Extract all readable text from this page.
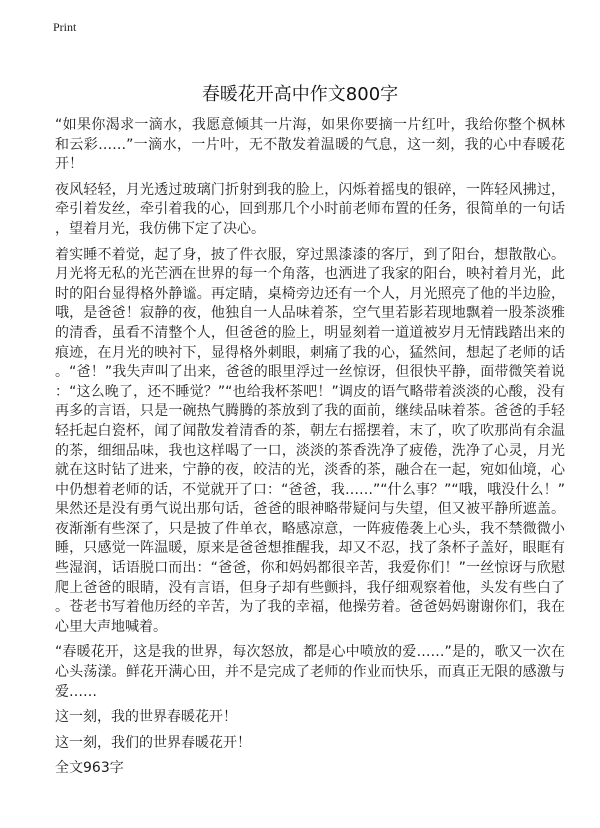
Print
春暖花开高中作文800字
“如果你渴求一滴水，我愿意倾其一片海，如果你要摘一片红叶，我给你整个枫林
和云彩……”一滴水，一片叶，无不散发着温暖的气息，这一刻，我的心中春暖花
开！
夜风轻轻，月光透过玻璃门折射到我的脸上，闪烁着摇曳的银碎，一阵轻风拂过，
牵引着发丝，牵引着我的心，回到那几个小时前老师布置的任务，很简单的一句话
，望着月光，我仿佛下定了决心。
着实睡不着觉，起了身，披了件衣服，穿过黑漆漆的客厅，到了阳台，想散散心。
月光将无私的光芒洒在世界的每一个角落，也洒进了我家的阳台，映衬着月光，此
时的阳台显得格外静谧。再定睛，桌椅旁边还有一个人，月光照亮了他的半边脸，
哦，是爸爸！寂静的夜，他独自一人品味着茶，空气里若影若现地飘着一股茶淡雅
的清香，虽看不清整个人，但爸爸的脸上，明显刻着一道道被岁月无情践踏出来的
痕迹，在月光的映衬下，显得格外刺眼，刺痛了我的心，猛然间，想起了老师的话
。“爸！”我失声叫了出来，爸爸的眼里浮过一丝惊讶，但很快平静，面带微笑着说
：“这么晚了，还不睡觉？”“也给我杯茶吧！”调皮的语气略带着淡淡的心酸，没有
再多的言语，只是一碗热气腾腾的茶放到了我的面前，继续品味着茶。爸爸的手轻
轻托起白瓷杯，闻了闻散发着清香的茶，朝左右摇摆着，末了，吹了吹那尚有余温
的茶，细细品味，我也这样喝了一口，淡淡的茶香洗净了疲倦，洗净了心灵，月光
就在这时钻了进来，宁静的夜，皎洁的光，淡香的茶，融合在一起，宛如仙境，心
中仍想着老师的话，不觉就开了口：“爸爸，我……”“什么事？”“哦，哦没什么！”
果然还是没有勇气说出那句话，爸爸的眼神略带疑问与失望，但又被平静所遮盖。
夜渐渐有些深了，只是披了件单衣，略感凉意，一阵疲倦袭上心头，我不禁微微小
睡，只感觉一阵温暖，原来是爸爸想推醒我，却又不忍，找了条杯子盖好，眼眶有
些湿润，话语脱口而出：“爸爸，你和妈妈都很辛苦，我爱你们！”一丝惊讶与欣慰
爬上爸爸的眼睛，没有言语，但身子却有些颤抖，我仔细观察着他，头发有些白了
。苍老书写着他历经的辛苦，为了我的幸福，他操劳着。爸爸妈妈谢谢你们，我在
心里大声地喊着。
“春暖花开，这是我的世界，每次怒放，都是心中喷放的爱……”是的，歌又一次在
心头荡漾。鲜花开满心田，并不是完成了老师的作业而快乐，而真正无限的感激与
爱……
这一刻，我的世界春暖花开！
这一刻，我们的世界春暖花开！
全文963字
